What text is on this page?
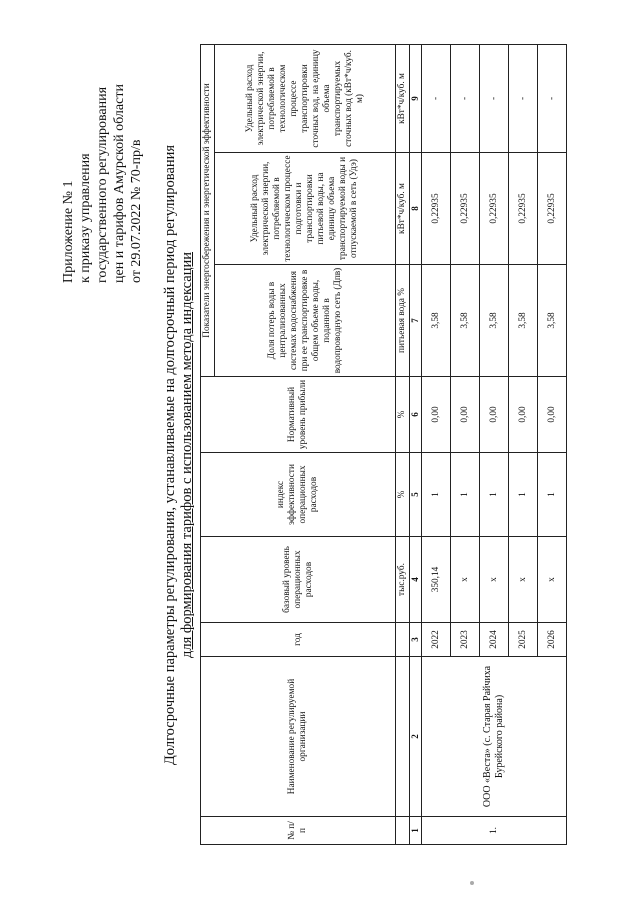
Приложение № 1 к приказу управления государственного регулирования цен и тарифов Амурской области от 29.07.2022 № 70-пр/в Долгосрочные параметры регулирования, устанавливаемые на долгосрочный период регулирования для формирования тарифов с использованием метода индексации
№ п/п	Наименование регулируемой организации	год	базовый уровень операционных расходов	индекс эффективности операционных расходов	Нормативный уровень прибыли	Показатели энергосбережения и энергетической эффективности		
						Доля потерь воды в централизованных системах водоснабжения при ее транспортировке в общем объеме воды, поданной в водопроводную сеть (Дпв)	Удельный расход электрической энергии, потребляемой в технологическом процессе подготовки и транспортировки питьевой воды, на единицу объема транспортируемой воды и отпускаемой в сеть (Удэ)	Удельный расход электрической энергии, потребляемой в технологическом процессе транспортировки сточных вод, на единицу объема транспортируемых сточных вод (кВт*ч/куб. м)
			тыс.руб.	%	%	питьевая вода %	кВт*ч/куб. м	кВт*ч/куб. м
1	2	3	4	5	6	7	8	9
1.	ООО «Веста» (с. Старая Райчиха Бурейского района)	2022	350,14	1	0,00	3,58	0,22935	-
		2023	х	1	0,00	3,58	0,22935	-
		2024	х	1	0,00	3,58	0,22935	-
		2025	х	1	0,00	3,58	0,22935	-
		2026	х	1	0,00	3,58	0,22935	-
